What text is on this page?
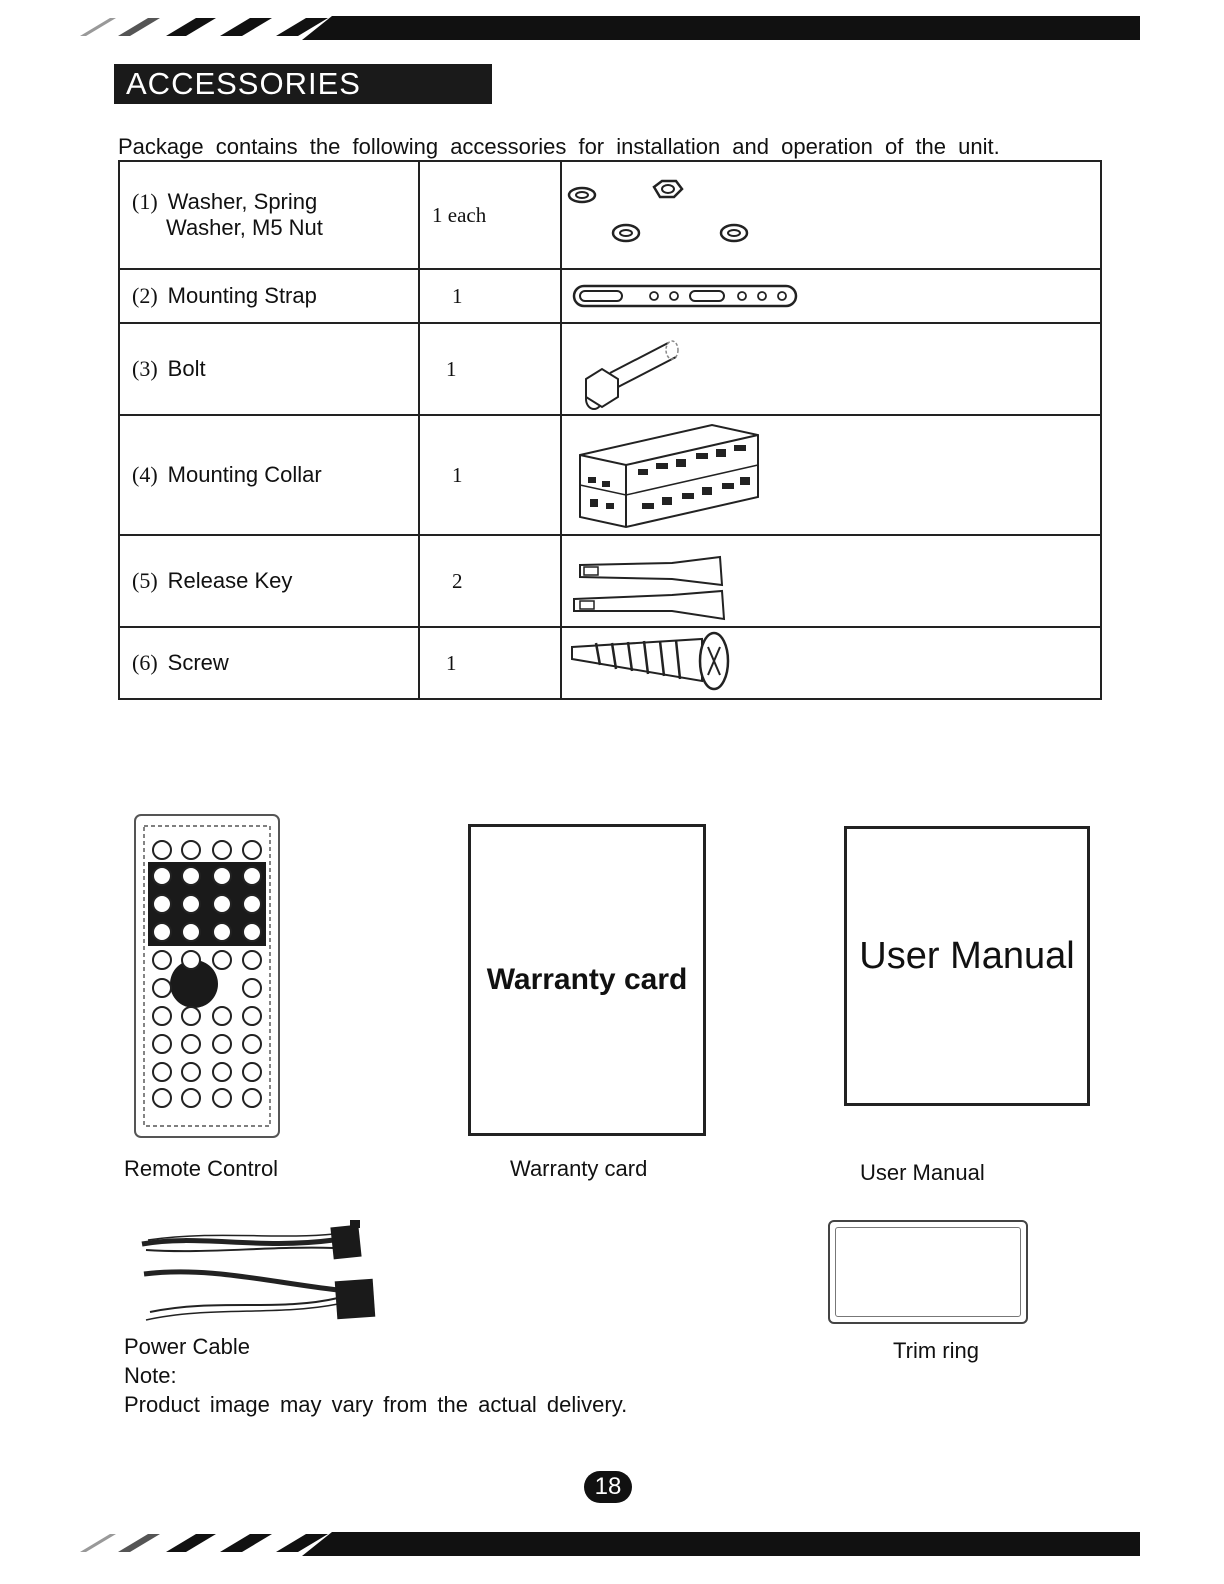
ACCESSORIES
Package contains the following accessories for installation and operation of the unit.
(1) Washer, Spring
Washer, M5 Nut	1 each	

(2) Mounting Strap	1	

(3) Bolt	1	

(4) Mounting Collar	1	

(5) Release Key	2	

(6) Screw	1	
Remote Control
Warranty card
Warranty card
User Manual
User Manual
Power Cable
Note:
Product image may vary from the actual delivery.
Trim ring
18
